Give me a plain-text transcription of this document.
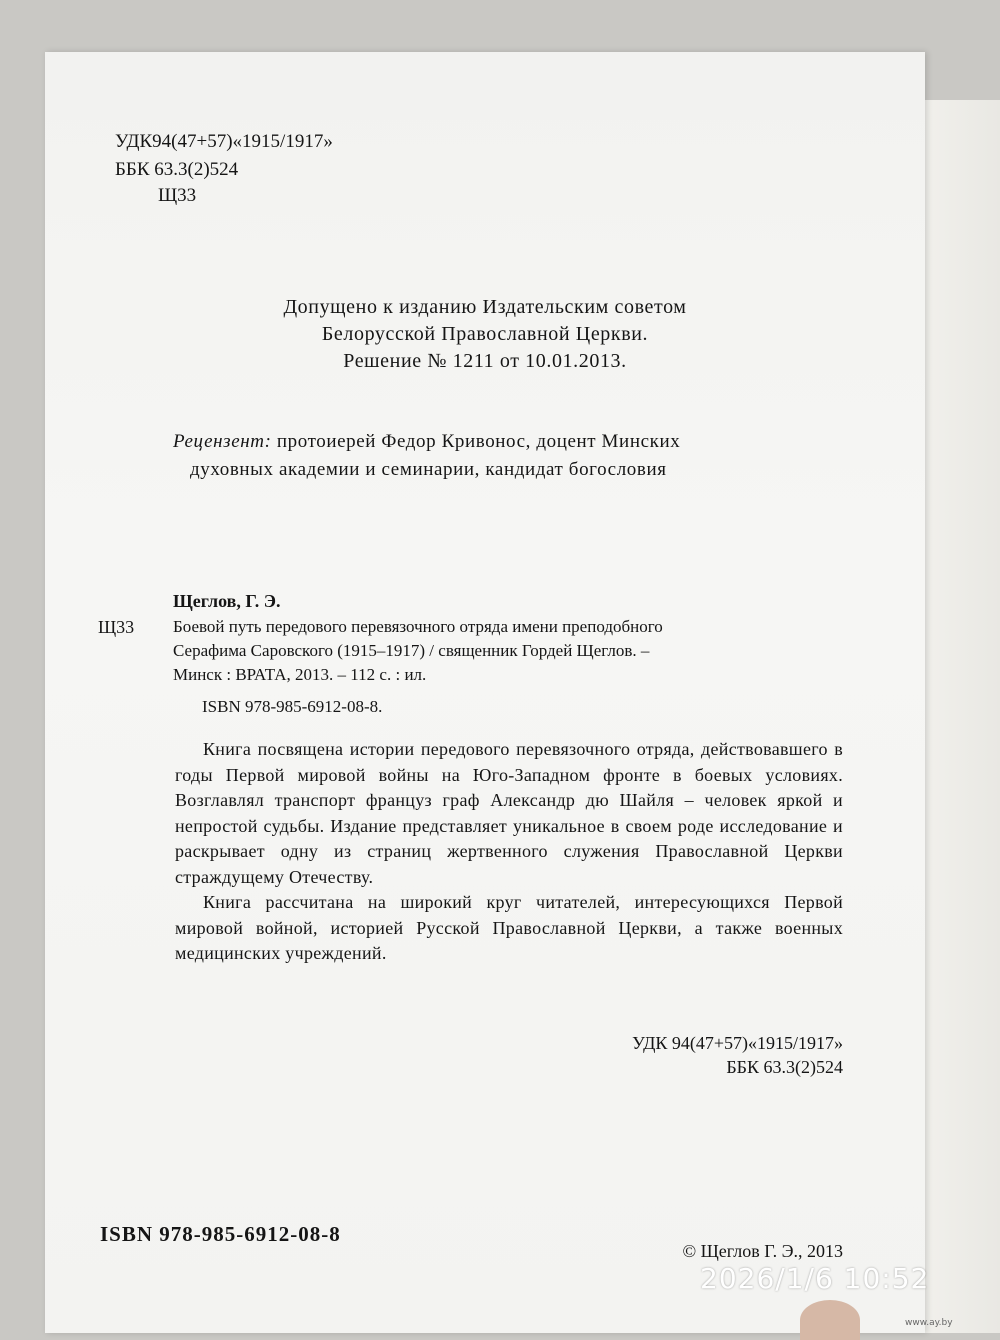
УДК94(47+57)«1915/1917»
ББК 63.3(2)524
Щ33
Допущено к изданию Издательским советом
Белорусской Православной Церкви.
Решение № 1211 от 10.01.2013.
Рецензент: протоиерей Федор Кривонос, доцент Минских
духовных академии и семинарии, кандидат богословия
Щеглов, Г. Э.
Щ33 Боевой путь передового перевязочного отряда имени преподобного
Серафима Саровского (1915–1917) / священник Гордей Щеглов. –
Минск : ВРАТА, 2013. – 112 с. : ил.
ISBN 978-985-6912-08-8.
Книга посвящена истории передового перевязочного отряда, действовавшего в годы Первой мировой войны на Юго-Западном фронте в боевых условиях. Возглавлял транспорт француз граф Александр дю Шайля – человек яркой и непростой судьбы. Издание представляет уникальное в своем роде исследование и раскрывает одну из страниц жертвенного служения Православной Церкви страждущему Отечеству.
Книга рассчитана на широкий круг читателей, интересующихся Первой мировой войной, историей Русской Православной Церкви, а также военных медицинских учреждений.
УДК 94(47+57)«1915/1917»
ББК 63.3(2)524
ISBN 978-985-6912-08-8
© Щеглов Г. Э., 2013
2026/1/6 10:52
www.ay.by
